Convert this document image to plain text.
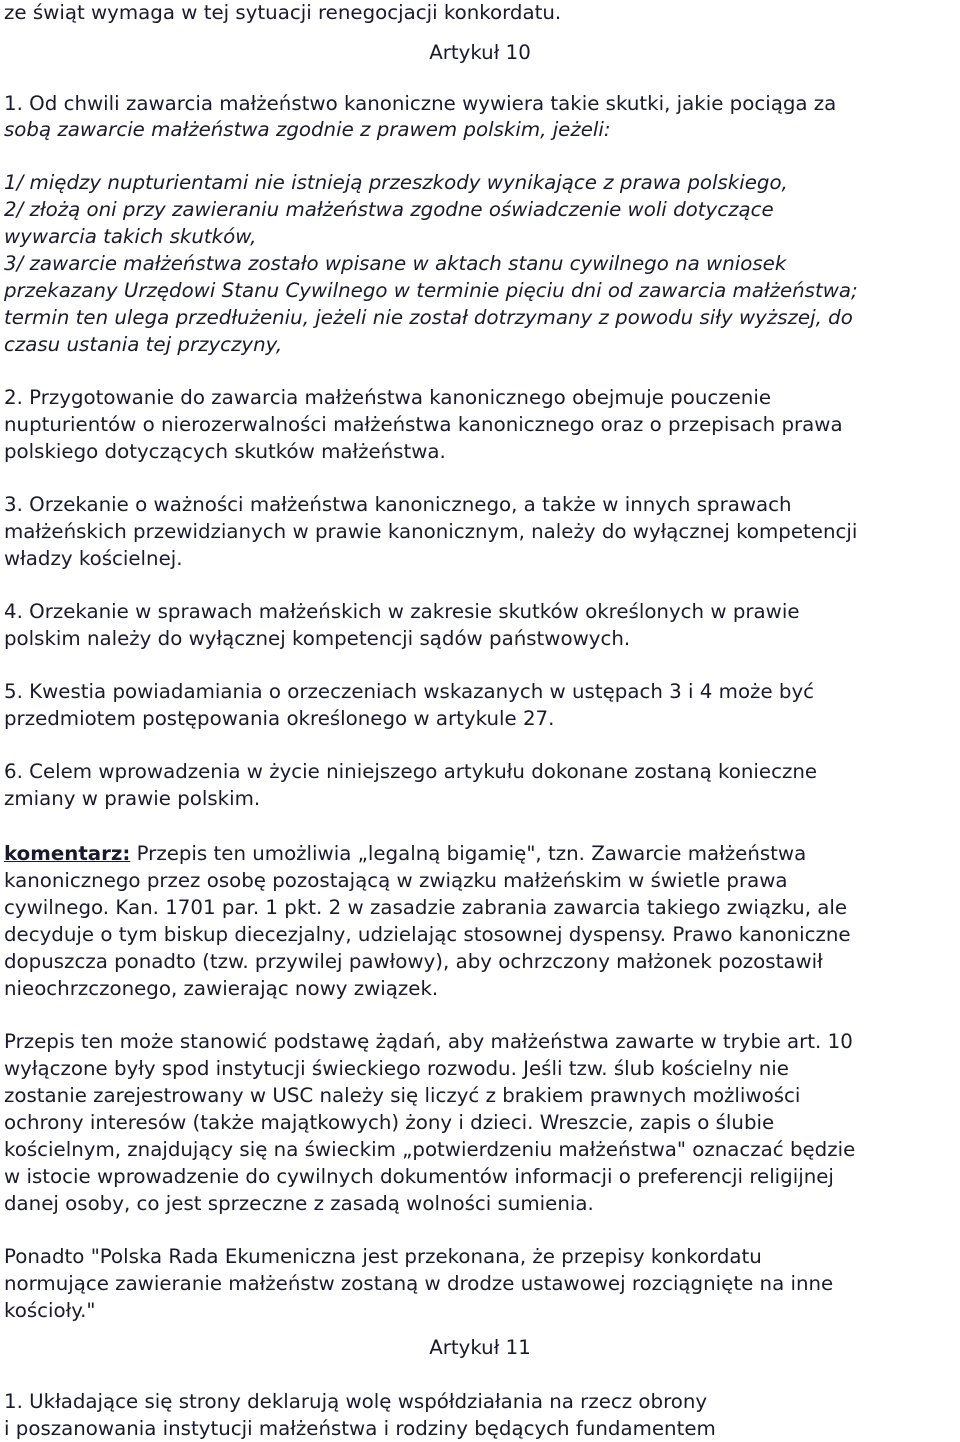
ze świąt wymaga w tej sytuacji renegocjacji konkordatu.
Artykuł 10
1. Od chwili zawarcia małżeństwo kanoniczne wywiera takie skutki, jakie pociąga za
sobą zawarcie małżeństwa zgodnie z prawem polskim, jeżeli:
1/ między nupturientami nie istnieją przeszkody wynikające z prawa polskiego,
2/ złożą oni przy zawieraniu małżeństwa zgodne oświadczenie woli dotyczące
wywarcia takich skutków,
3/ zawarcie małżeństwa zostało wpisane w aktach stanu cywilnego na wniosek
przekazany Urzędowi Stanu Cywilnego w terminie pięciu dni od zawarcia małżeństwa;
termin ten ulega przedłużeniu, jeżeli nie został dotrzymany z powodu siły wyższej, do
czasu ustania tej przyczyny,
2. Przygotowanie do zawarcia małżeństwa kanonicznego obejmuje pouczenie
nupturientów o nierozerwalności małżeństwa kanonicznego oraz o przepisach prawa
polskiego dotyczących skutków małżeństwa.
3. Orzekanie o ważności małżeństwa kanonicznego, a także w innych sprawach
małżeńskich przewidzianych w prawie kanonicznym, należy do wyłącznej kompetencji
władzy kościelnej.
4. Orzekanie w sprawach małżeńskich w zakresie skutków określonych w prawie
polskim należy do wyłącznej kompetencji sądów państwowych.
5. Kwestia powiadamiania o orzeczeniach wskazanych w ustępach 3 i 4 może być
przedmiotem postępowania określonego w artykule 27.
6. Celem wprowadzenia w życie niniejszego artykułu dokonane zostaną konieczne
zmiany w prawie polskim.
komentarz: Przepis ten umożliwia „legalną bigamię", tzn. Zawarcie małżeństwa
kanonicznego przez osobę pozostającą w związku małżeńskim w świetle prawa
cywilnego. Kan. 1701 par. 1 pkt. 2 w zasadzie zabrania zawarcia takiego związku, ale
decyduje o tym biskup diecezjalny, udzielając stosownej dyspensy. Prawo kanoniczne
dopuszcza ponadto (tzw. przywilej pawłowy), aby ochrzczony małżonek pozostawił
nieochrzczonego, zawierając nowy związek.
Przepis ten może stanowić podstawę żądań, aby małżeństwa zawarte w trybie art. 10
wyłączone były spod instytucji świeckiego rozwodu. Jeśli tzw. ślub kościelny nie
zostanie zarejestrowany w USC należy się liczyć z brakiem prawnych możliwości
ochrony interesów (także majątkowych) żony i dzieci. Wreszcie, zapis o ślubie
kościelnym, znajdujący się na świeckim „potwierdzeniu małżeństwa" oznaczać będzie
w istocie wprowadzenie do cywilnych dokumentów informacji o preferencji religijnej
danej osoby, co jest sprzeczne z zasadą wolności sumienia.
Ponadto "Polska Rada Ekumeniczna jest przekonana, że przepisy konkordatu
normujące zawieranie małżeństw zostaną w drodze ustawowej rozciągnięte na inne
kościoły."
Artykuł 11
1. Układające się strony deklarują wolę współdziałania na rzecz obrony
i poszanowania instytucji małżeństwa i rodziny będących fundamentem
